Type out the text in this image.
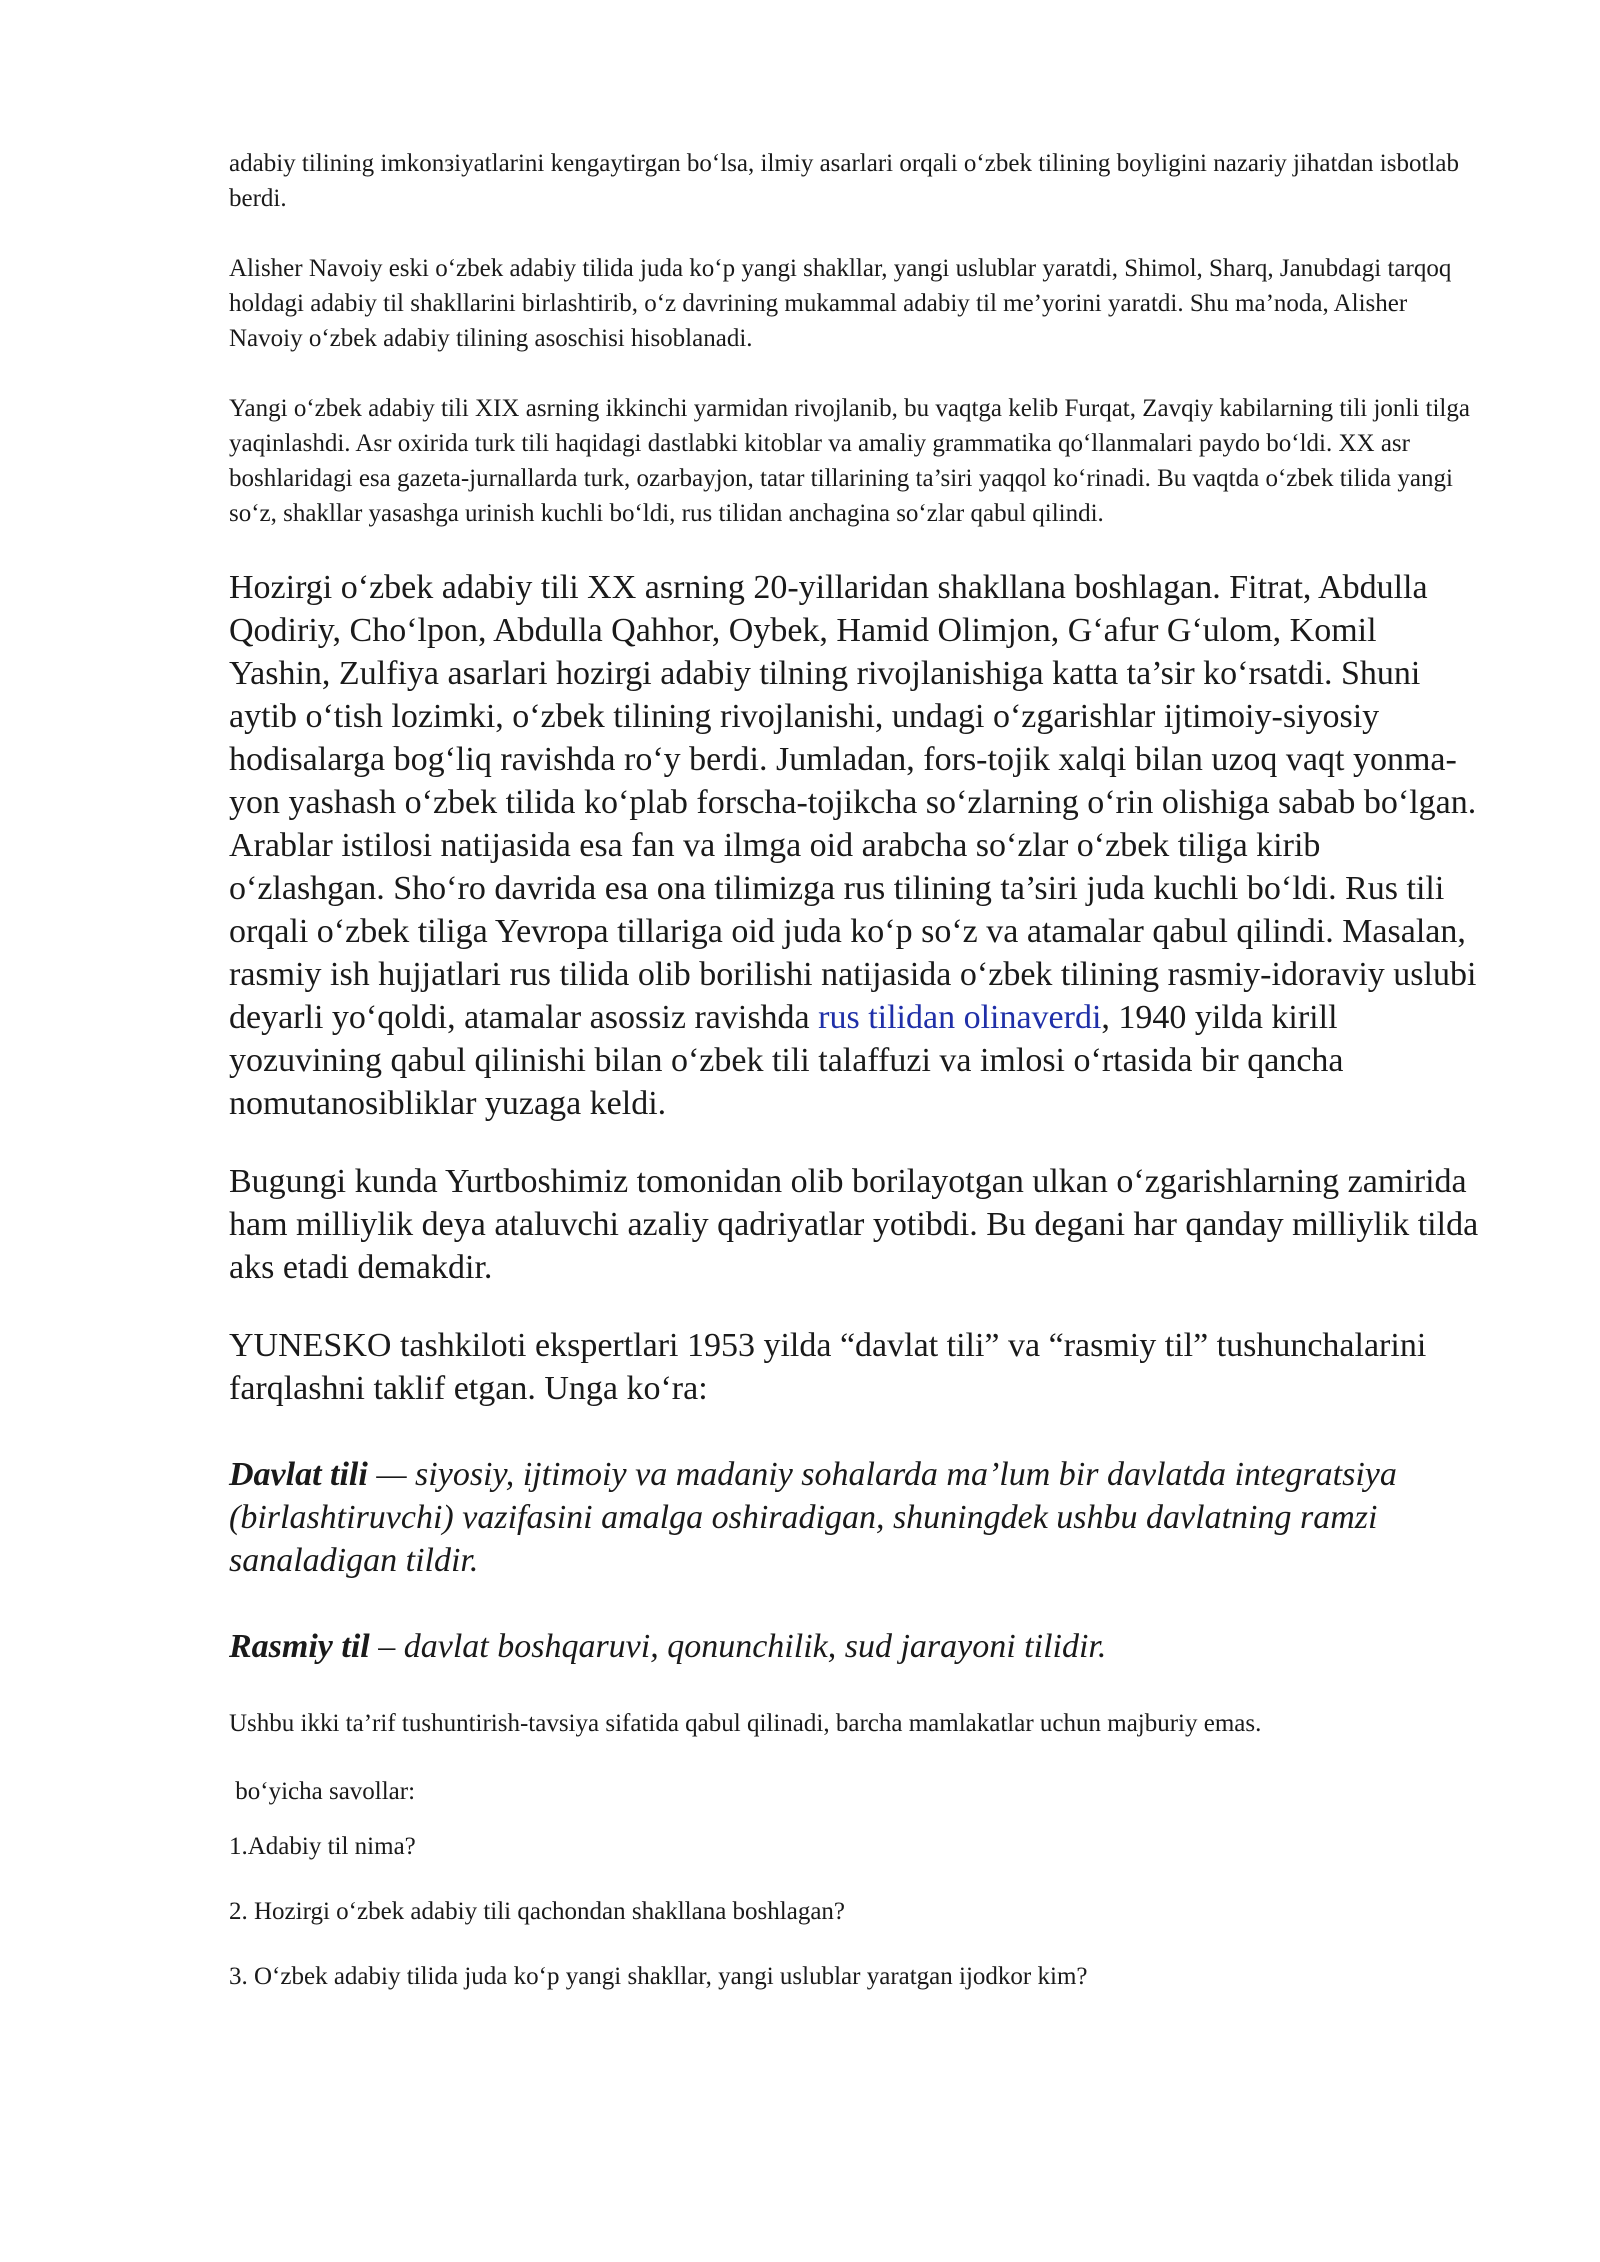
adabiy tilining imkonзiyatlarini kengaytirgan bo‘lsa, ilmiy asarlari orqali o‘zbek tilining boyligini nazariy jihatdan isbotlab berdi.

Alisher Navoiy eski o‘zbek adabiy tilida juda ko‘p yangi shakllar, yangi uslublar yaratdi, Shimol, Sharq, Janubdagi tarqoq holdagi adabiy til shakllarini birlashtirib, o‘z davrining mukammal adabiy til me’yorini yaratdi. Shu ma’noda, Alisher Navoiy o‘zbek adabiy tilining asoschisi hisoblanadi.

Yangi o‘zbek adabiy tili XIX asrning ikkinchi yarmidan rivojlanib, bu vaqtga kelib Furqat, Zavqiy kabilarning tili jonli tilga yaqinlashdi. Asr oxirida turk tili haqidagi dastlabki kitoblar va amaliy grammatika qo‘llanmalari paydo bo‘ldi. XX asr boshlaridagi esa gazeta-jurnallarda turk, ozarbayjon, tatar tillarining ta’siri yaqqol ko‘rinadi. Bu vaqtda o‘zbek tilida yangi so‘z, shakllar yasashga urinish kuchli bo‘ldi, rus tilidan anchagina so‘zlar qabul qilindi.

Hozirgi o‘zbek adabiy tili XX asrning 20-yillaridan shakllana boshlagan. Fitrat, Abdulla Qodiriy, Cho‘lpon, Abdulla Qahhor, Oybek, Hamid Olimjon, G‘afur G‘ulom, Komil Yashin, Zulfiya asarlari hozirgi adabiy tilning rivojlanishiga katta ta’sir ko‘rsatdi. Shuni aytib o‘tish lozimki, o‘zbek tilining rivojlanishi, undagi o‘zgarishlar ijtimoiy-siyosiy hodisalarga bog‘liq ravishda ro‘y berdi. Jumladan, fors-tojik xalqi bilan uzoq vaqt yonma-yon yashash o‘zbek tilida ko‘plab forscha-tojikcha so‘zlarning o‘rin olishiga sabab bo‘lgan. Arablar istilosi natijasida esa fan va ilmga oid arabcha so‘zlar o‘zbek tiliga kirib o‘zlashgan. Sho‘ro davrida esa ona tilimizga rus tilining ta’siri juda kuchli bo‘ldi. Rus tili orqali o‘zbek tiliga Yevropa tillariga oid juda ko‘p so‘z va atamalar qabul qilindi. Masalan, rasmiy ish hujjatlari rus tilida olib borilishi natijasida o‘zbek tilining rasmiy-idoraviy uslubi deyarli yo‘qoldi, atamalar asossiz ravishda rus tilidan olinaverdi, 1940 yilda kirill yozuvining qabul qilinishi bilan o‘zbek tili talaffuzi va imlosi o‘rtasida bir qancha nomutanosibliklar yuzaga keldi.

Bugungi kunda Yurtboshimiz tomonidan olib borilayotgan ulkan o‘zgarishlarning zamirida ham milliylik deya ataluvchi azaliy qadriyatlar yotibdi. Bu degani har qanday milliylik tilda aks etadi demakdir.

YUNESKO tashkiloti ekspertlari 1953 yilda “davlat tili” va “rasmiy til” tushunchalarini farqlashni taklif etgan. Unga ko‘ra:

Davlat tili — siyosiy, ijtimoiy va madaniy sohalarda ma’lum bir davlatda integratsiya (birlashtiruvchi) vazifasini amalga oshiradigan, shuningdek ushbu davlatning ramzi sanaladigan tildir.

Rasmiy til – davlat boshqaruvi, qonunchilik, sud jarayoni tilidir.

Ushbu ikki ta’rif tushuntirish-tavsiya sifatida qabul qilinadi, barcha mamlakatlar uchun majburiy emas.

bo‘yicha savollar:

1.Adabiy til nima?

2. Hozirgi o‘zbek adabiy tili qachondan shakllana boshlagan?

3. O‘zbek adabiy tilida juda ko‘p yangi shakllar, yangi uslublar yaratgan ijodkor kim?
